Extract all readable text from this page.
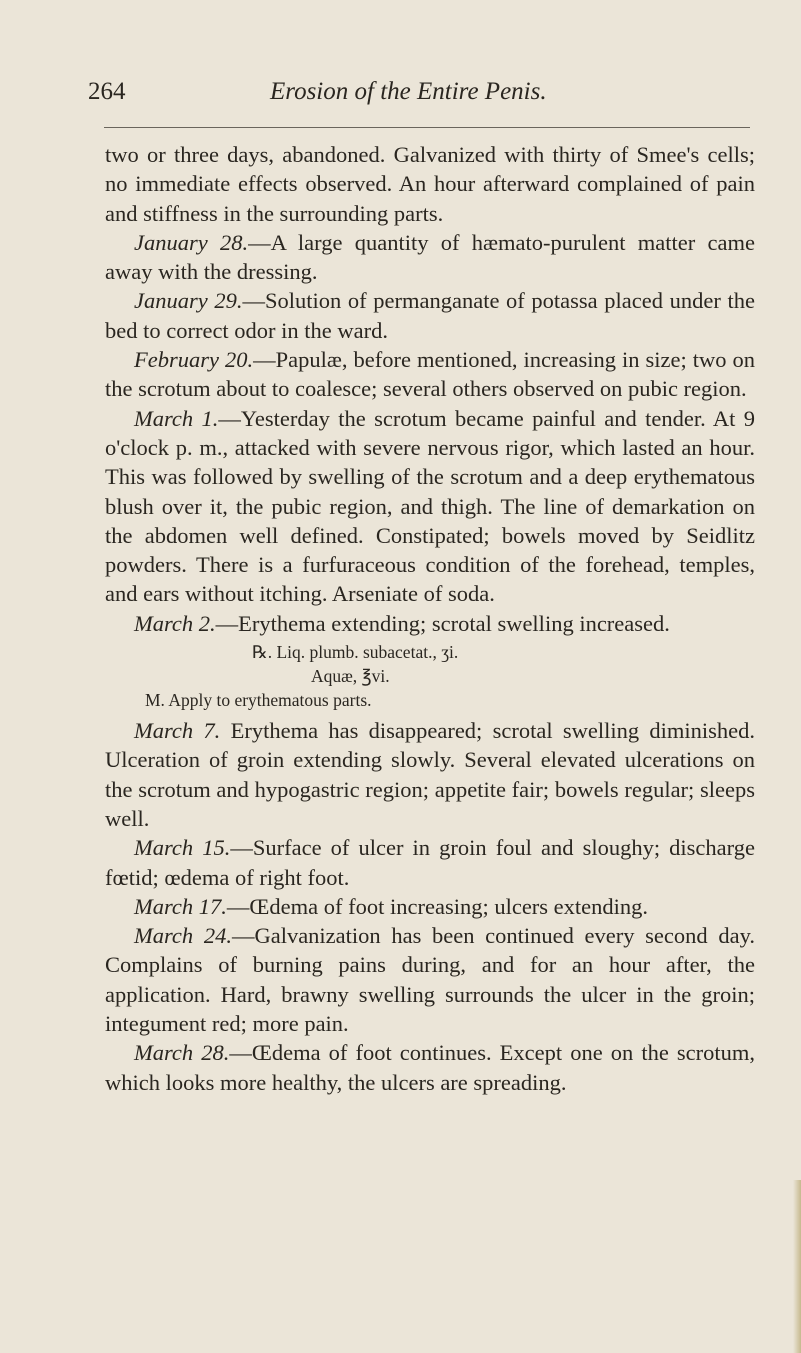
264	Erosion of the Entire Penis.

two or three days, abandoned. Galvanized with thirty of Smee's cells; no immediate effects observed. An hour afterward complained of pain and stiffness in the surrounding parts.

January 28.—A large quantity of hæmato-purulent matter came away with the dressing.

January 29.—Solution of permanganate of potassa placed under the bed to correct odor in the ward.

February 20.—Papulæ, before mentioned, increasing in size; two on the scrotum about to coalesce; several others observed on pubic region.

March 1.—Yesterday the scrotum became painful and tender. At 9 o'clock p. m., attacked with severe nervous rigor, which lasted an hour. This was followed by swelling of the scrotum and a deep erythematous blush over it, the pubic region, and thigh. The line of demarkation on the abdomen well defined. Constipated; bowels moved by Seidlitz powders. There is a furfuraceous condition of the forehead, temples, and ears without itching. Arseniate of soda.

March 2.—Erythema extending; scrotal swelling increased.

℞. Liq. plumb. subacetat., ʒi.

Aquæ, ℥vi.

M. Apply to erythematous parts.

March 7. Erythema has disappeared; scrotal swelling diminished. Ulceration of groin extending slowly. Several elevated ulcerations on the scrotum and hypogastric region; appetite fair; bowels regular; sleeps well.

March 15.—Surface of ulcer in groin foul and sloughy; discharge fœtid; œdema of right foot.

March 17.—Œdema of foot increasing; ulcers extending.

March 24.—Galvanization has been continued every second day. Complains of burning pains during, and for an hour after, the application. Hard, brawny swelling surrounds the ulcer in the groin; integument red; more pain.

March 28.—Œdema of foot continues. Except one on the scrotum, which looks more healthy, the ulcers are spreading.
